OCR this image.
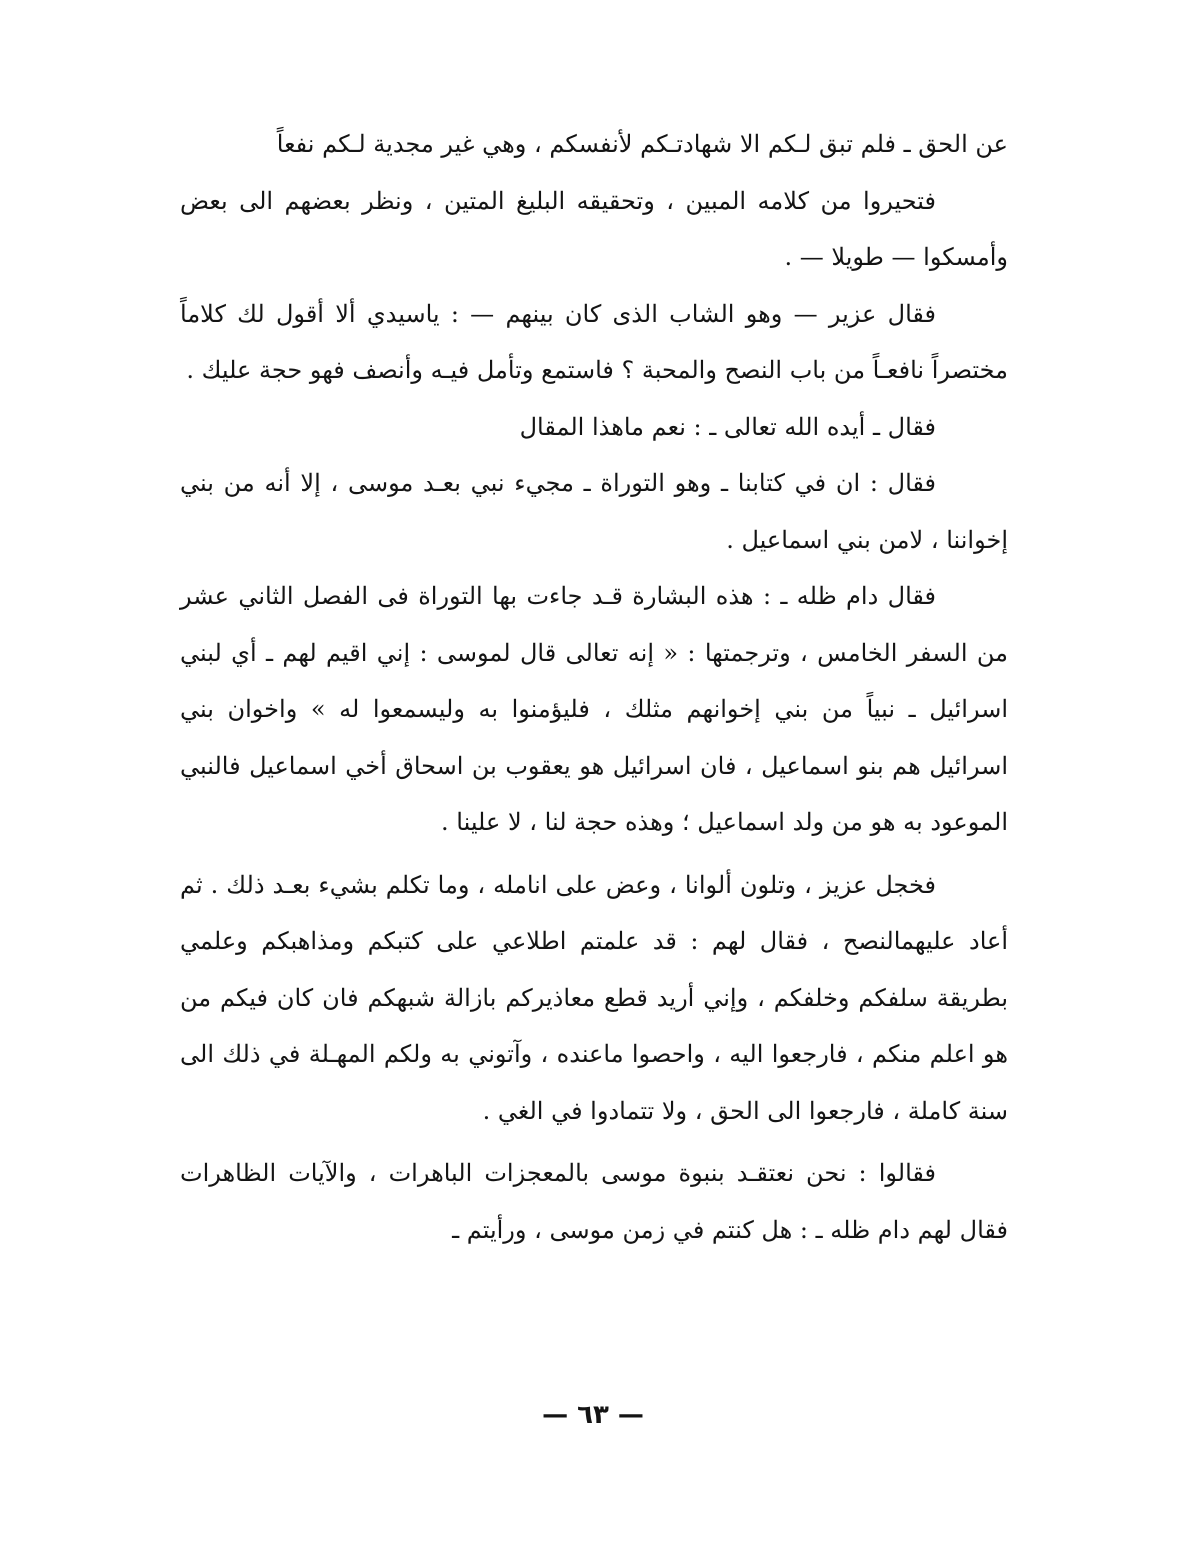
عن الحق ـ فلم تبق لـكم الا شهادتـكم لأنفسكم ، وهي غير مجدية لـكم نفعاً

فتحيروا من كلامه المبين ، وتحقيقه البليغ المتين ، ونظر بعضهم الى بعض وأمسكوا — طويلا — .

فقال عزير — وهو الشاب الذى كان بينهم — : ياسيدي ألا أقول لك كلاماً مختصراً نافعـاً من باب النصح والمحبة ؟ فاستمع وتأمل فيـه وأنصف فهو حجة عليك .

فقال ـ أيده الله تعالى ـ : نعم ماهذا المقال

فقال : ان في كتابنا ـ وهو التوراة ـ مجيء نبي بعـد موسى ، إلا أنه من بني إخواننا ، لامن بني اسماعيل .

فقال دام ظله ـ : هذه البشارة قـد جاءت بها التوراة فى الفصل الثاني عشر من السفر الخامس ، وترجمتها : « إنه تعالى قال لموسى : إني اقيم لهم ـ أي لبني اسرائيل ـ نبياً من بني إخوانهم مثلك ، فليؤمنوا به وليسمعوا له » واخوان بني اسرائيل هم بنو اسماعيل ، فان اسرائيل هو يعقوب بن اسحاق أخي اسماعيل فالنبي الموعود به هو من ولد اسماعيل ؛ وهذه حجة لنا ، لا علينا .

فخجل عزيز ، وتلون ألوانا ، وعض على انامله ، وما تكلم بشيء بعـد ذلك . ثم أعاد عليهمالنصح ، فقال لهم : قد علمتم اطلاعي على كتبكم ومذاهبكم وعلمي بطريقة سلفكم وخلفكم ، وإني أريد قطع معاذيركم بازالة شبهكم فان كان فيكم من هو اعلم منكم ، فارجعوا اليه ، واحصوا ماعنده ، وآتوني به ولكم المهـلة في ذلك الى سنة كاملة ، فارجعوا الى الحق ، ولا تتمادوا في الغي .

فقالوا : نحن نعتقـد بنبوة موسى بالمعجزات الباهرات ، والآيات الظاهرات فقال لهم دام ظله ـ : هل كنتم في زمن موسى ، ورأيتم ـ

— ٦٣ —
